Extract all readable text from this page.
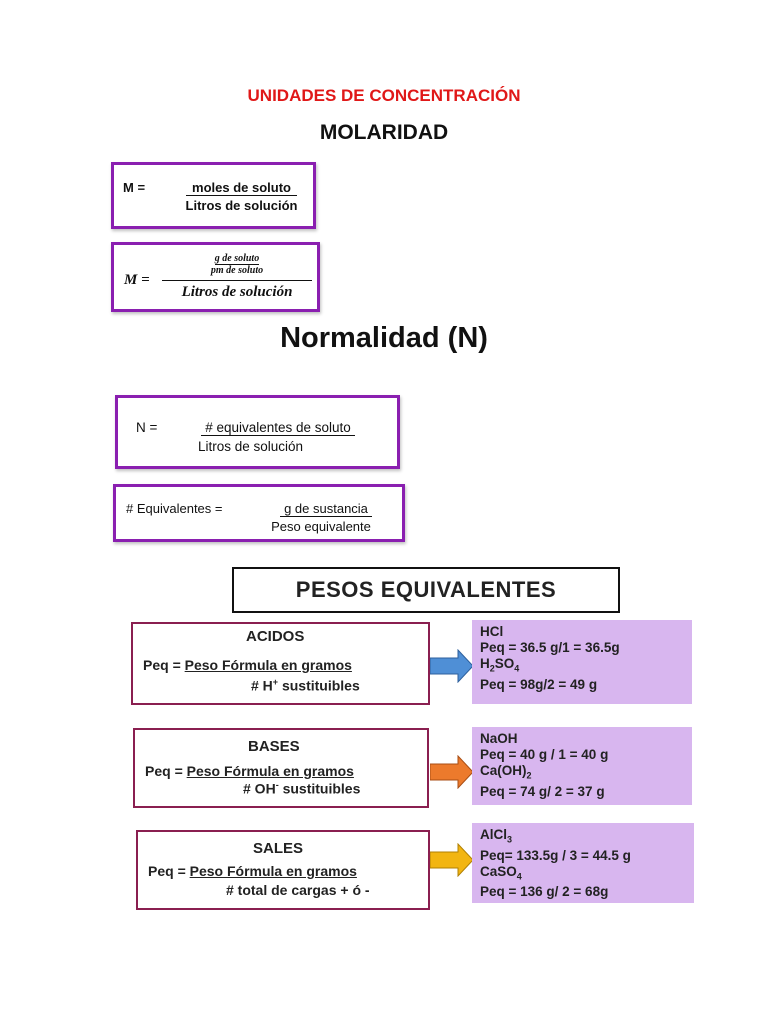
UNIDADES DE CONCENTRACIÓN
MOLARIDAD
M =	moles de soluto
Litros de solución
M =
g de soluto
pm de soluto
Litros de solución
Normalidad (N)
N =	# equivalentes de soluto
Litros de solución
# Equivalentes =	g de sustancia
Peso equivalente
PESOS EQUIVALENTES
ACIDOS
Peq = Peso Fórmula en gramos
# H+ sustituibles
HCl
Peq = 36.5 g/1 = 36.5g
$H_2SO_4$
Peq = 98g/2 = 49 g
BASES
Peq = Peso Fórmula en gramos
# OH- sustituibles
NaOH
Peq = 40 g / 1 = 40 g
$Ca(OH)_2$
Peq = 74 g/ 2 = 37 g
SALES
Peq = Peso Fórmula en gramos
# total de cargas + ó -
AlCl$_3$
Peq= 133.5g / 3 = 44.5 g
CaSO$_4$
Peq = 136 g/ 2 = 68g
